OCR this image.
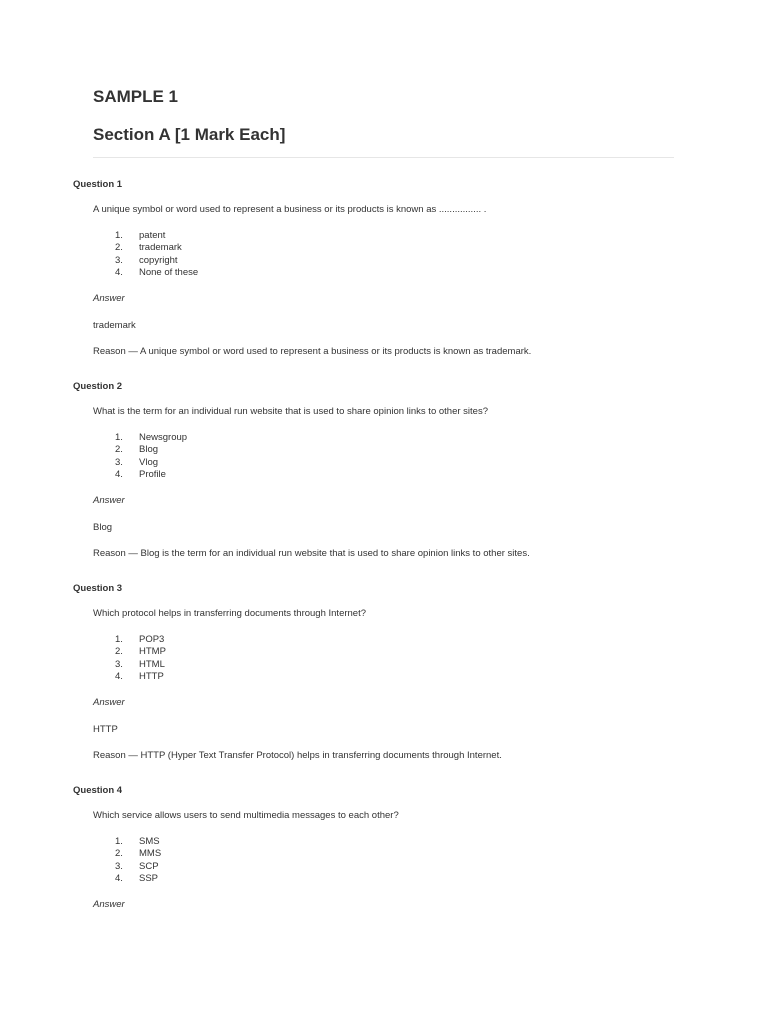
SAMPLE 1
Section A [1 Mark Each]
Question 1
A unique symbol or word used to represent a business or its products is known as ................ .
1. patent
2. trademark
3. copyright
4. None of these
Answer
trademark
Reason — A unique symbol or word used to represent a business or its products is known as trademark.
Question 2
What is the term for an individual run website that is used to share opinion links to other sites?
1. Newsgroup
2. Blog
3. Vlog
4. Profile
Answer
Blog
Reason — Blog is the term for an individual run website that is used to share opinion links to other sites.
Question 3
Which protocol helps in transferring documents through Internet?
1. POP3
2. HTMP
3. HTML
4. HTTP
Answer
HTTP
Reason — HTTP (Hyper Text Transfer Protocol) helps in transferring documents through Internet.
Question 4
Which service allows users to send multimedia messages to each other?
1. SMS
2. MMS
3. SCP
4. SSP
Answer
